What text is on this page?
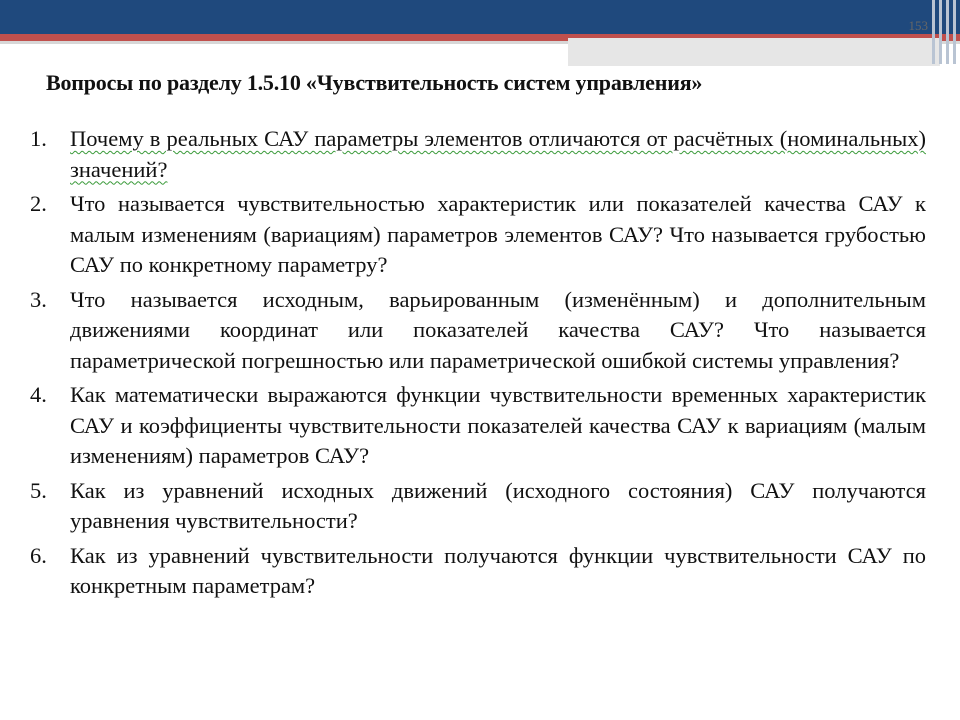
153
Вопросы по разделу 1.5.10 «Чувствительность систем управления»
1.	Почему в реальных САУ параметры элементов отличаются от расчётных (номинальных) значений?
2.	Что называется чувствительностью характеристик или показателей качества САУ к малым изменениям (вариациям) параметров элементов САУ? Что называется грубостью САУ по конкретному параметру?
3.	Что называется исходным, варьированным (изменённым) и дополнительным движениями координат или показателей качества САУ? Что называется параметрической погрешностью или параметрической ошибкой системы управления?
4.	Как математически выражаются функции чувствительности временных характеристик САУ и коэффициенты чувствительности показателей качества САУ к вариациям (малым изменениям) параметров САУ?
5.	Как из уравнений исходных движений (исходного состояния) САУ получаются уравнения чувствительности?
6.	Как из уравнений чувствительности получаются функции чувствительности САУ по конкретным параметрам?
